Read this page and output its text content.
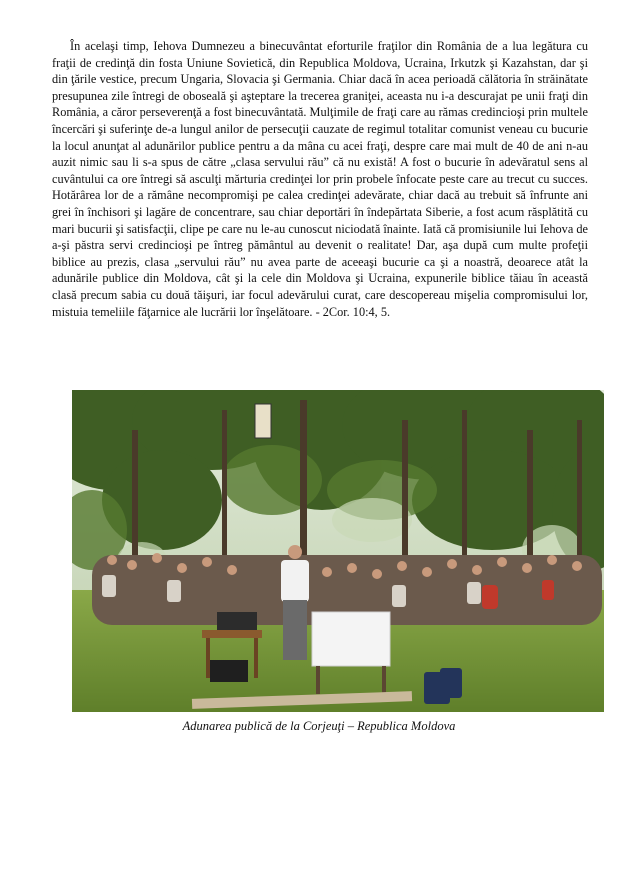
În acelaşi timp, Iehova Dumnezeu a binecuvântat eforturile fraţilor din România de a lua legătura cu fraţii de credinţă din fosta Uniune Sovietică, din Republica Moldova, Ucraina, Irkutzk şi Kazahstan, dar şi din ţările vestice, precum Ungaria, Slovacia şi Germania. Chiar dacă în acea perioadă călătoria în străinătate presupunea zile întregi de oboseală şi aşteptare la trecerea graniţei, aceasta nu i-a descurajat pe unii fraţi din România, a căror perseverenţă a fost binecuvântată. Mulţimile de fraţi care au rămas credincioşi prin multele încercări şi suferinţe de-a lungul anilor de persecuţii cauzate de regimul totalitar comunist veneau cu bucurie la locul anunţat al adunărilor publice pentru a da mâna cu acei fraţi, despre care mai mult de 40 de ani n-au auzit nimic sau li s-a spus de către „clasa servului rău” că nu există! A fost o bucurie în adevăratul sens al cuvântului ca ore întregi să asculţi mărturia credinţei lor prin probele înfocate peste care au trecut cu succes. Hotărârea lor de a rămâne necompromişi pe calea credinţei adevărate, chiar dacă au trebuit să înfrunte ani grei în închisori şi lagăre de concentrare, sau chiar deportări în îndepărtata Siberie, a fost acum răsplătită cu mari bucurii şi satisfacţii, clipe pe care nu le-au cunoscut niciodată înainte. Iată că promisiunile lui Iehova de a-şi păstra servi credincioşi pe întreg pământul au devenit o realitate! Dar, aşa după cum multe profeţii biblice au prezis, clasa „servului rău” nu avea parte de aceeaşi bucurie ca şi a noastră, deoarece atât la adunările publice din Moldova, cât şi la cele din Moldova şi Ucraina, expunerile biblice tăiau în această clasă precum sabia cu două tăişuri, iar focul adevărului curat, care descopereau mişelia compromisului lor, mistuia temeliile făţarnice ale lucrării lor înşelătoare. - 2Cor. 10:4, 5.

Adunarea publică de la Corjeuţi – Republica Moldova
